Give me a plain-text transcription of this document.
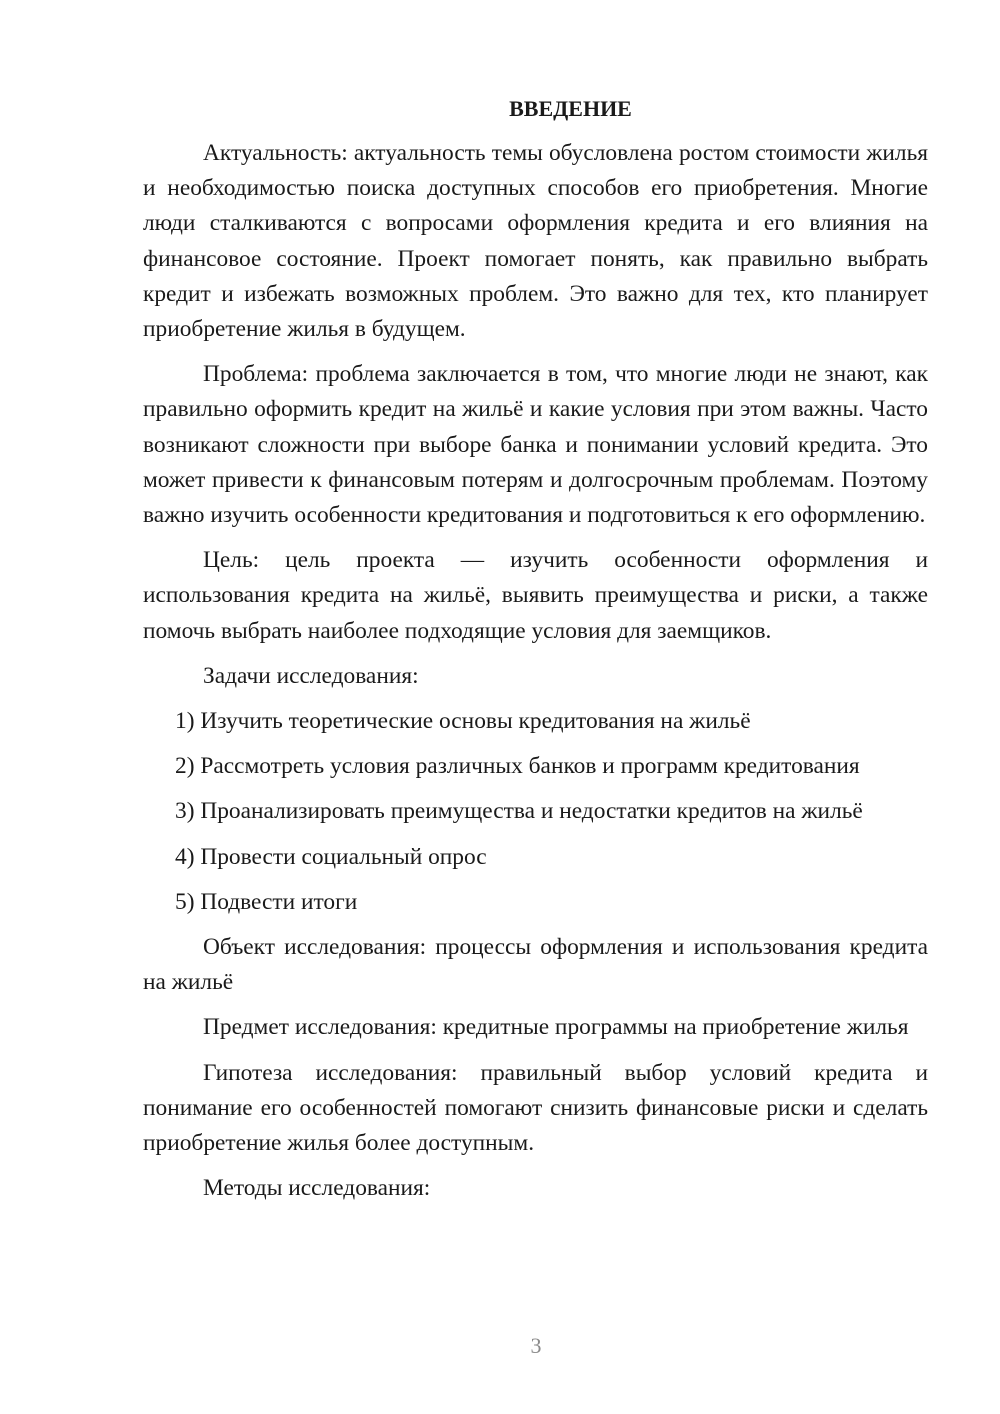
ВВЕДЕНИЕ

Актуальность: актуальность темы обусловлена ростом стоимости жилья и необходимостью поиска доступных способов его приобретения. Многие люди сталкиваются с вопросами оформления кредита и его влияния на финансовое состояние. Проект помогает понять, как правильно выбрать кредит и избежать возможных проблем. Это важно для тех, кто планирует приобретение жилья в будущем.

Проблема: проблема заключается в том, что многие люди не знают, как правильно оформить кредит на жильё и какие условия при этом важны. Часто возникают сложности при выборе банка и понимании условий кредита. Это может привести к финансовым потерям и долгосрочным проблемам. Поэтому важно изучить особенности кредитования и подготовиться к его оформлению.

Цель: цель проекта — изучить особенности оформления и использования кредита на жильё, выявить преимущества и риски, а также помочь выбрать наиболее подходящие условия для заемщиков.

Задачи исследования:

1) Изучить теоретические основы кредитования на жильё
2) Рассмотреть условия различных банков и программ кредитования
3) Проанализировать преимущества и недостатки кредитов на жильё
4) Провести социальный опрос
5) Подвести итоги

Объект исследования: процессы оформления и использования кредита на жильё

Предмет исследования: кредитные программы на приобретение жилья

Гипотеза исследования: правильный выбор условий кредита и понимание его особенностей помогают снизить финансовые риски и сделать приобретение жилья более доступным.

Методы исследования:

3
